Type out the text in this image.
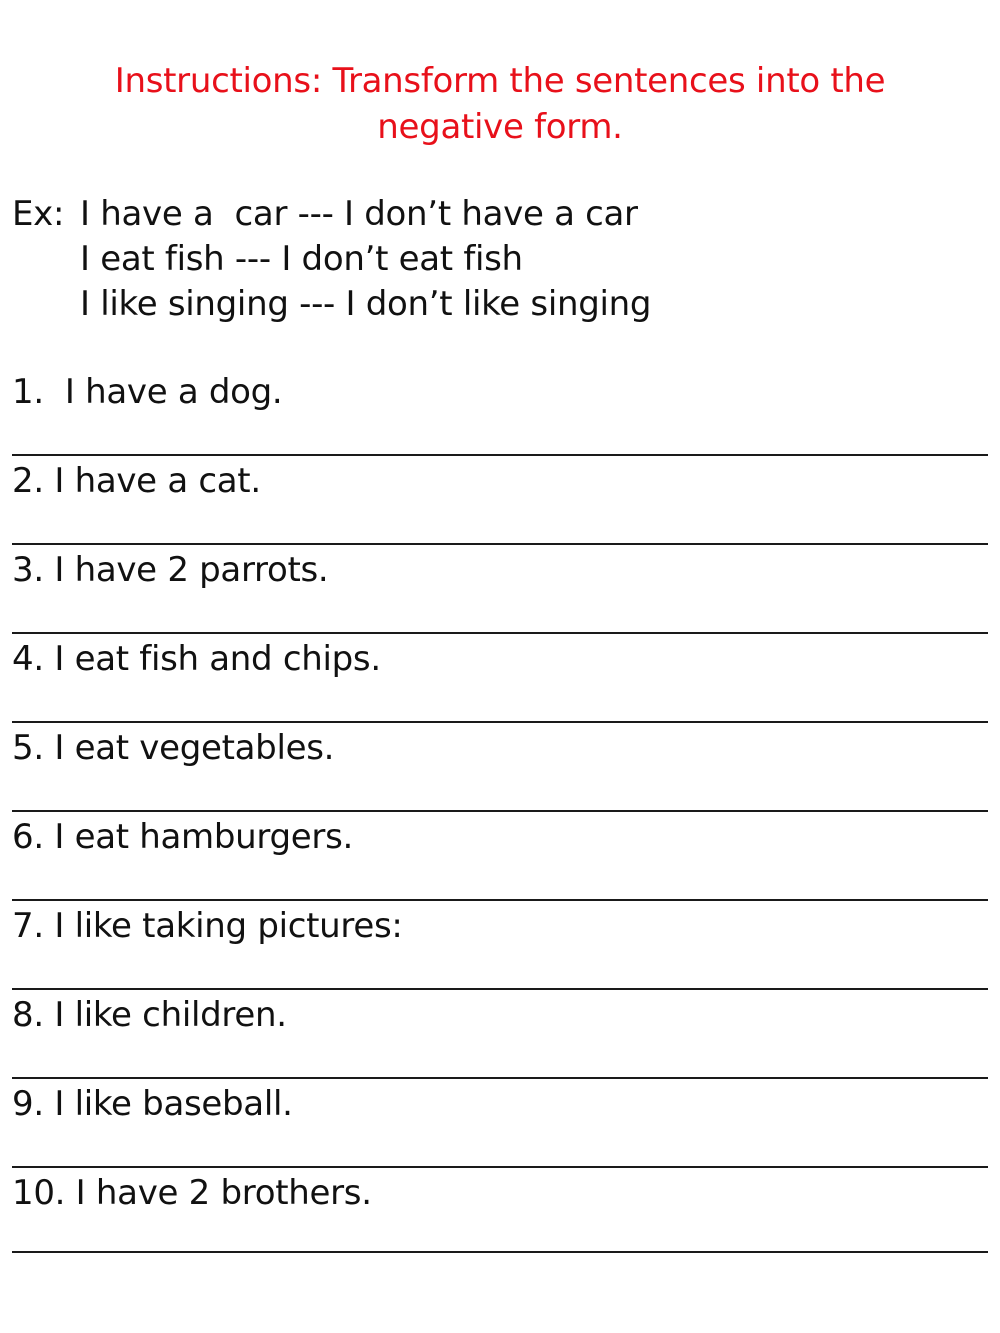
Instructions: Transform the sentences into the negative form.
Ex: I have a  car --- I don’t have a car
I eat fish --- I don’t eat fish
I like singing --- I don’t like singing
1.  I have a dog.
2. I have a cat.
3. I have 2 parrots.
4. I eat fish and chips.
5. I eat vegetables.
6. I eat hamburgers.
7. I like taking pictures:
8. I like children.
9. I like baseball.
10. I have 2 brothers.
